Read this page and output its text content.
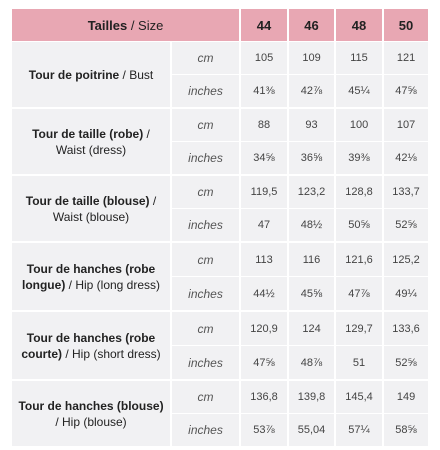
Tailles / Size		44	46	48	50
Tour de poitrine / Bust	cm	105	109	115	121
	inches	41⅜	42⅞	45¼	47⅝
Tour de taille (robe) / Waist (dress)	cm	88	93	100	107
	inches	34⅝	36⅝	39⅜	42⅛
Tour de taille (blouse) / Waist (blouse)	cm	119,5	123,2	128,8	133,7
	inches	47	48½	50⅝	52⅝
Tour de hanches (robe longue) / Hip (long dress)	cm	113	116	121,6	125,2
	inches	44½	45⅝	47⅞	49¼
Tour de hanches (robe courte) / Hip (short dress)	cm	120,9	124	129,7	133,6
	inches	47⅝	48⅞	51	52⅝
Tour de hanches (blouse) / Hip (blouse)	cm	136,8	139,8	145,4	149
	inches	53⅞	55,04	57¼	58⅝
